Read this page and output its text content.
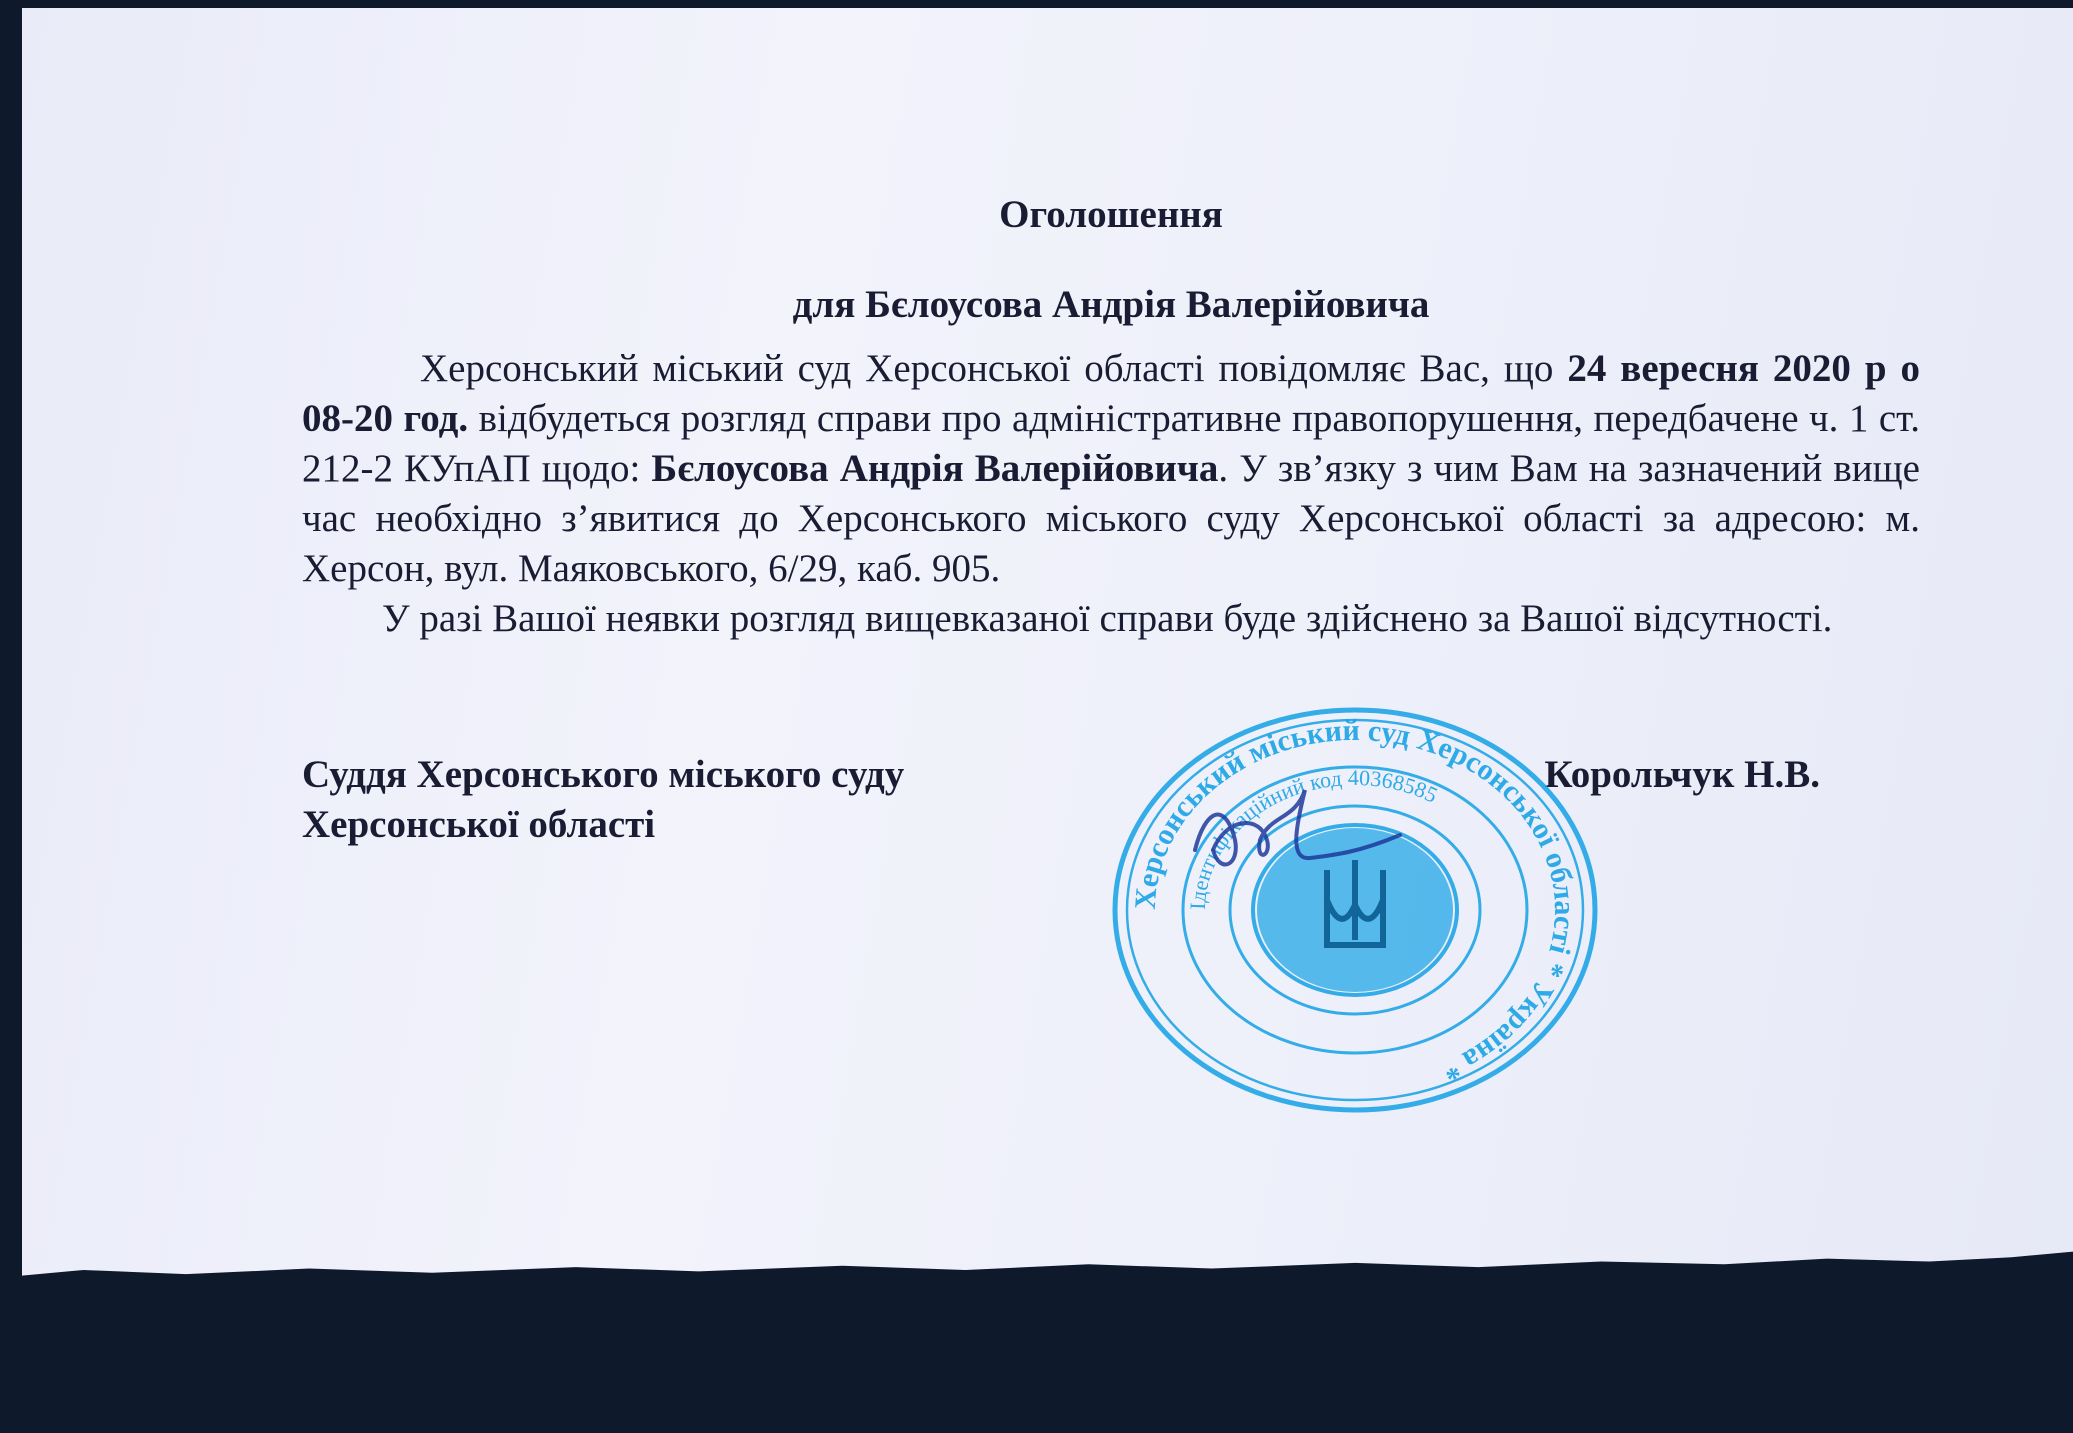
Оголошення
для Бєлоусова Андрія Валерійовича

Херсонський міський суд Херсонської області повідомляє Вас, що 24 вересня 2020 р о 08-20 год. відбудеться розгляд справи про адміністративне правопорушення, передбачене ч. 1 ст. 212-2 КУпАП щодо: Бєлоусова Андрія Валерійовича. У зв’язку з чим Вам на зазначений вище час необхідно з’явитися до Херсонського міського суду Херсонської області за адресою: м. Херсон, вул. Маяковського, 6/29, каб. 905.

У разі Вашої неявки розгляд вищевказаної справи буде здійснено за Вашої відсутності.

Суддя Херсонського міського суду
Херсонської області
Корольчук Н.В.
Херсонський міський суд Херсонської області * Україна *
Ідентифікаційний код 40368585
